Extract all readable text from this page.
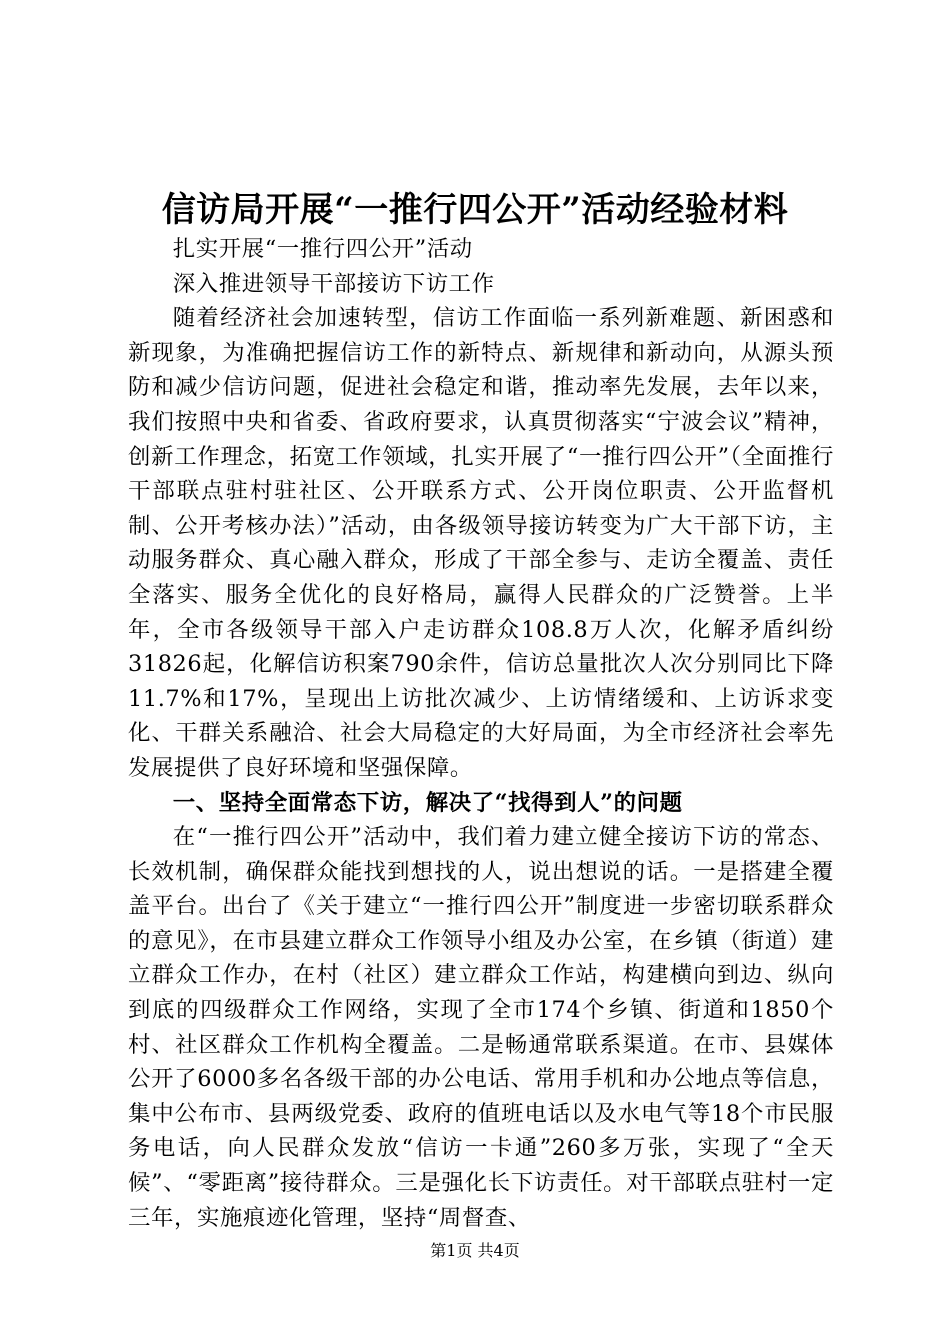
信访局开展“一推行四公开”活动经验材料

扎实开展“一推行四公开”活动

深入推进领导干部接访下访工作

随着经济社会加速转型，信访工作面临一系列新难题、新困惑和新现象，为准确把握信访工作的新特点、新规律和新动向，从源头预防和减少信访问题，促进社会稳定和谐，推动率先发展，去年以来，我们按照中央和省委、省政府要求，认真贯彻落实“宁波会议”精神，创新工作理念，拓宽工作领域，扎实开展了“一推行四公开”（全面推行干部联点驻村驻社区、公开联系方式、公开岗位职责、公开监督机制、公开考核办法）”活动，由各级领导接访转变为广大干部下访，主动服务群众、真心融入群众，形成了干部全参与、走访全覆盖、责任全落实、服务全优化的良好格局，赢得人民群众的广泛赞誉。上半年，全市各级领导干部入户走访群众108.8万人次，化解矛盾纠纷31826起，化解信访积案790余件，信访总量批次人次分别同比下降11.7%和17%，呈现出上访批次减少、上访情绪缓和、上访诉求变化、干群关系融洽、社会大局稳定的大好局面，为全市经济社会率先发展提供了良好环境和坚强保障。

一、坚持全面常态下访，解决了“找得到人”的问题

在“一推行四公开”活动中，我们着力建立健全接访下访的常态、长效机制，确保群众能找到想找的人，说出想说的话。一是搭建全覆盖平台。出台了《关于建立“一推行四公开”制度进一步密切联系群众的意见》，在市县建立群众工作领导小组及办公室，在乡镇（街道）建立群众工作办，在村（社区）建立群众工作站，构建横向到边、纵向到底的四级群众工作网络，实现了全市174个乡镇、街道和1850个村、社区群众工作机构全覆盖。二是畅通常联系渠道。在市、县媒体公开了6000多名各级干部的办公电话、常用手机和办公地点等信息，集中公布市、县两级党委、政府的值班电话以及水电气等18个市民服务电话，向人民群众发放“信访一卡通”260多万张，实现了“全天候”、“零距离”接待群众。三是强化长下访责任。对干部联点驻村一定三年，实施痕迹化管理，坚持“周督查、

第1页 共4页
